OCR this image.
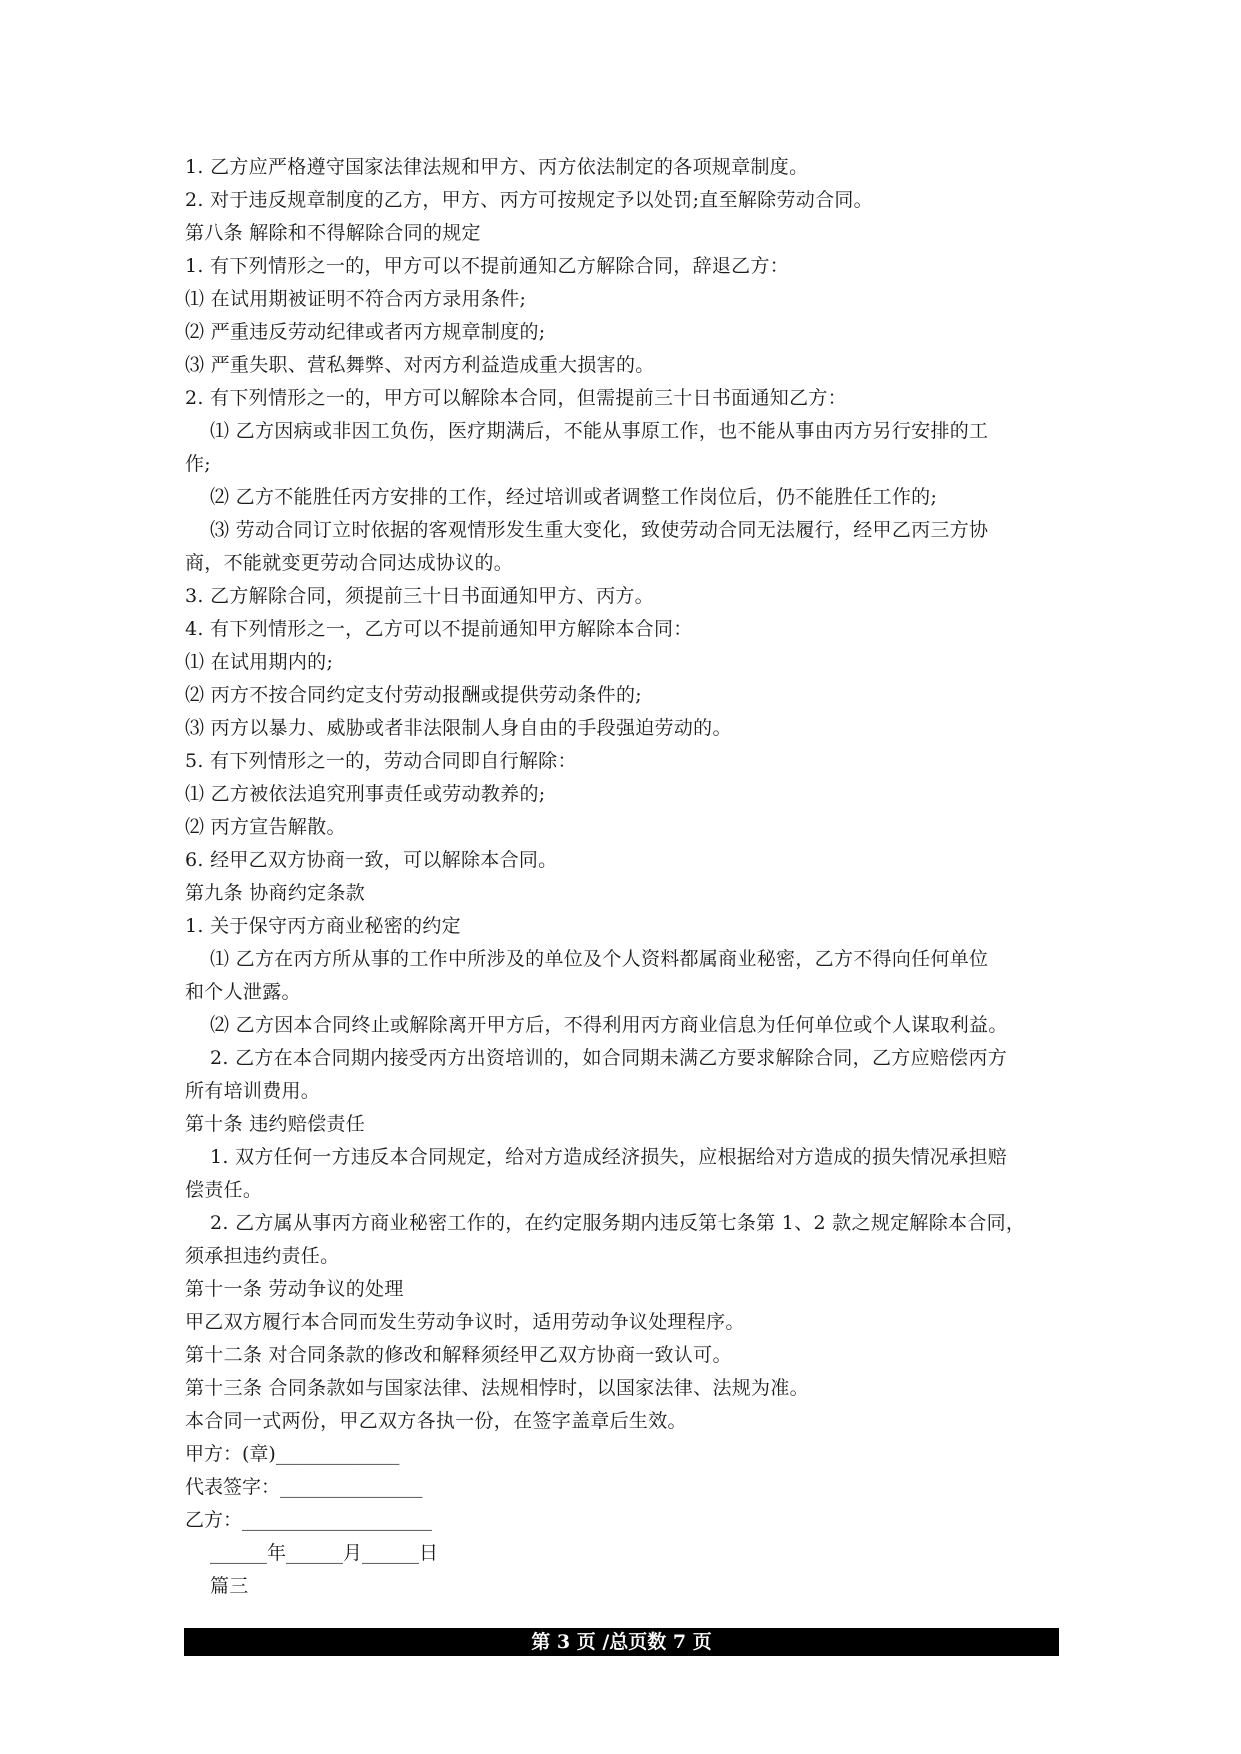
1. 乙方应严格遵守国家法律法规和甲方、丙方依法制定的各项规章制度。
2. 对于违反规章制度的乙方，甲方、丙方可按规定予以处罚;直至解除劳动合同。
第八条 解除和不得解除合同的规定
1. 有下列情形之一的，甲方可以不提前通知乙方解除合同，辞退乙方：
⑴ 在试用期被证明不符合丙方录用条件;
⑵ 严重违反劳动纪律或者丙方规章制度的;
⑶ 严重失职、营私舞弊、对丙方利益造成重大损害的。
2. 有下列情形之一的，甲方可以解除本合同，但需提前三十日书面通知乙方：
⑴ 乙方因病或非因工负伤，医疗期满后，不能从事原工作，也不能从事由丙方另行安排的工
作;
⑵ 乙方不能胜任丙方安排的工作，经过培训或者调整工作岗位后，仍不能胜任工作的;
⑶ 劳动合同订立时依据的客观情形发生重大变化，致使劳动合同无法履行，经甲乙丙三方协
商，不能就变更劳动合同达成协议的。
3. 乙方解除合同，须提前三十日书面通知甲方、丙方。
4. 有下列情形之一，乙方可以不提前通知甲方解除本合同：
⑴ 在试用期内的;
⑵ 丙方不按合同约定支付劳动报酬或提供劳动条件的;
⑶ 丙方以暴力、威胁或者非法限制人身自由的手段强迫劳动的。
5. 有下列情形之一的，劳动合同即自行解除：
⑴ 乙方被依法追究刑事责任或劳动教养的;
⑵ 丙方宣告解散。
6. 经甲乙双方协商一致，可以解除本合同。
第九条 协商约定条款
1. 关于保守丙方商业秘密的约定
⑴ 乙方在丙方所从事的工作中所涉及的单位及个人资料都属商业秘密，乙方不得向任何单位
和个人泄露。
⑵ 乙方因本合同终止或解除离开甲方后，不得利用丙方商业信息为任何单位或个人谋取利益。
2. 乙方在本合同期内接受丙方出资培训的，如合同期未满乙方要求解除合同，乙方应赔偿丙方
所有培训费用。
第十条 违约赔偿责任
1. 双方任何一方违反本合同规定，给对方造成经济损失，应根据给对方造成的损失情况承担赔
偿责任。
2. 乙方属从事丙方商业秘密工作的，在约定服务期内违反第七条第 1、2 款之规定解除本合同，
须承担违约责任。
第十一条 劳动争议的处理
甲乙双方履行本合同而发生劳动争议时，适用劳动争议处理程序。
第十二条 对合同条款的修改和解释须经甲乙双方协商一致认可。
第十三条 合同条款如与国家法律、法规相悖时，以国家法律、法规为准。
本合同一式两份，甲乙双方各执一份，在签字盖章后生效。
甲方：(章)_____________
代表签字：_______________
乙方：____________________
______年______月______日
篇三
第 3 页 /总页数 7 页
